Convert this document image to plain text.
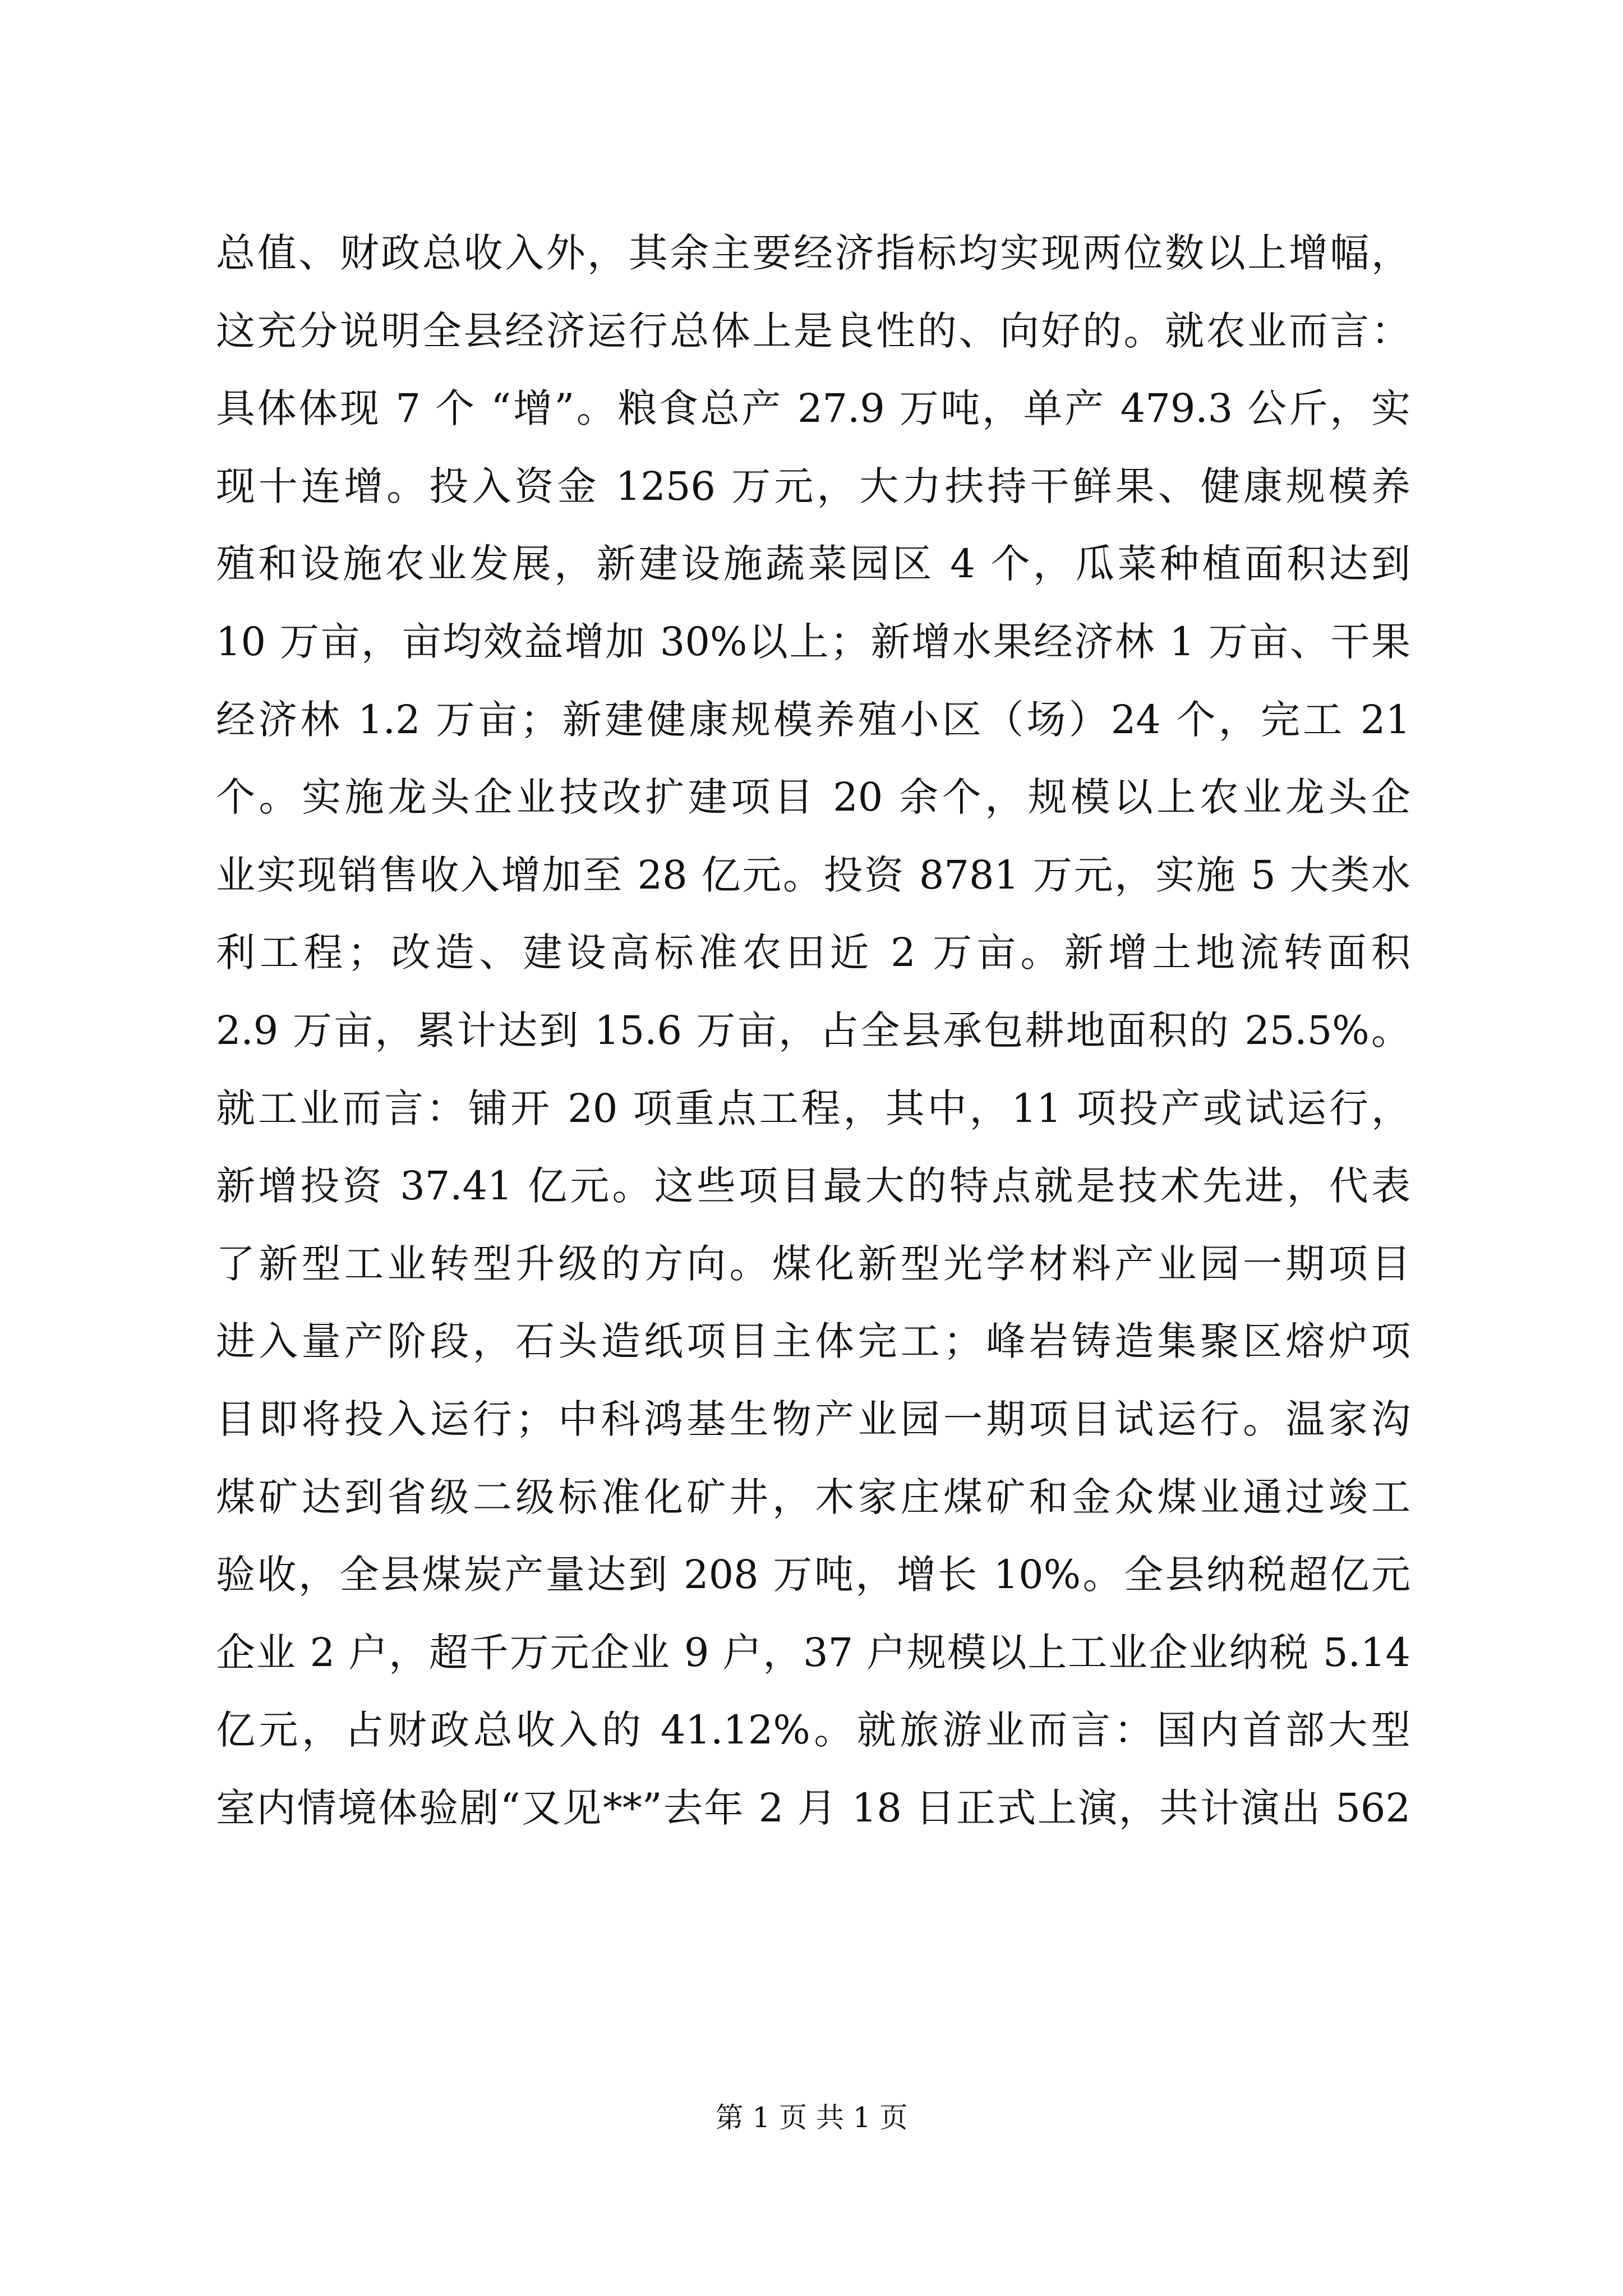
总值、财政总收入外，其余主要经济指标均实现两位数以上增幅，
这充分说明全县经济运行总体上是良性的、向好的。就农业而言：
具体体现 7 个 “增”。粮食总产 27.9 万吨，单产 479.3 公斤，实
现十连增。投入资金 1256 万元，大力扶持干鲜果、健康规模养
殖和设施农业发展，新建设施蔬菜园区 4 个，瓜菜种植面积达到
10 万亩，亩均效益增加 30%以上；新增水果经济林 1 万亩、干果
经济林 1.2 万亩；新建健康规模养殖小区（场）24 个，完工 21
个。实施龙头企业技改扩建项目 20 余个，规模以上农业龙头企
业实现销售收入增加至 28 亿元。投资 8781 万元，实施 5 大类水
利工程；改造、建设高标准农田近 2 万亩。新增土地流转面积
2.9 万亩，累计达到 15.6 万亩，占全县承包耕地面积的 25.5%。
就工业而言：铺开 20 项重点工程，其中，11 项投产或试运行，
新增投资 37.41 亿元。这些项目最大的特点就是技术先进，代表
了新型工业转型升级的方向。煤化新型光学材料产业园一期项目
进入量产阶段，石头造纸项目主体完工；峰岩铸造集聚区熔炉项
目即将投入运行；中科鸿基生物产业园一期项目试运行。温家沟
煤矿达到省级二级标准化矿井，木家庄煤矿和金众煤业通过竣工
验收，全县煤炭产量达到 208 万吨，增长 10%。全县纳税超亿元
企业 2 户，超千万元企业 9 户，37 户规模以上工业企业纳税 5.14
亿元，占财政总收入的 41.12%。就旅游业而言：国内首部大型
室内情境体验剧“又见**”去年 2 月 18 日正式上演，共计演出 562
第 1 页 共 1 页
